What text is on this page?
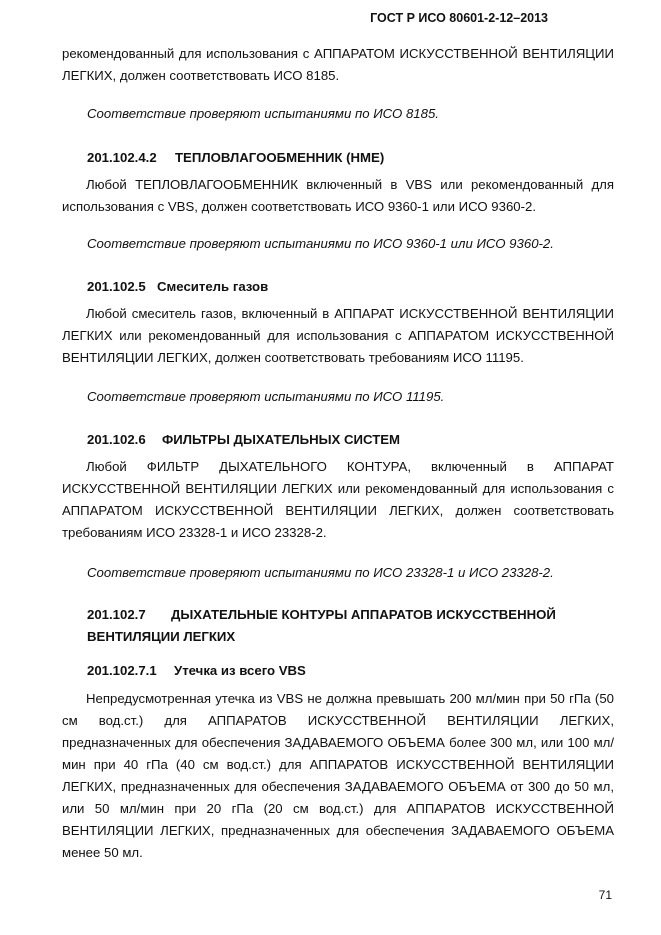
ГОСТ Р ИСО 80601-2-12–2013
рекомендованный для использования с АППАРАТОМ ИСКУССТВЕННОЙ ВЕНТИЛЯЦИИ ЛЕГКИХ, должен соответствовать ИСО 8185.
Соответствие проверяют испытаниями по ИСО 8185.
201.102.4.2 ТЕПЛОВЛАГООБМЕННИК (HME)
Любой ТЕПЛОВЛАГООБМЕННИК включенный в VBS или рекомендованный для использования с VBS, должен соответствовать ИСО 9360-1 или ИСО 9360-2.
Соответствие проверяют испытаниями по ИСО 9360-1 или ИСО 9360-2.
201.102.5 Смеситель газов
Любой смеситель газов, включенный в АППАРАТ ИСКУССТВЕННОЙ ВЕНТИЛЯЦИИ ЛЕГКИХ или рекомендованный для использования с АППАРАТОМ ИСКУССТВЕННОЙ ВЕНТИЛЯЦИИ ЛЕГКИХ, должен соответствовать требованиям ИСО 11195.
Соответствие проверяют испытаниями по ИСО 11195.
201.102.6 ФИЛЬТРЫ ДЫХАТЕЛЬНЫХ СИСТЕМ
Любой ФИЛЬТР ДЫХАТЕЛЬНОГО КОНТУРА, включенный в АППАРАТ ИСКУССТВЕННОЙ ВЕНТИЛЯЦИИ ЛЕГКИХ или рекомендованный для использования с АППАРАТОМ ИСКУССТВЕННОЙ ВЕНТИЛЯЦИИ ЛЕГКИХ, должен соответствовать требованиям ИСО 23328-1 и ИСО 23328-2.
Соответствие проверяют испытаниями по ИСО 23328-1 и ИСО 23328-2.
201.102.7 ДЫХАТЕЛЬНЫЕ КОНТУРЫ АППАРАТОВ ИСКУССТВЕННОЙ ВЕНТИЛЯЦИИ ЛЕГКИХ
201.102.7.1 Утечка из всего VBS
Непредусмотренная утечка из VBS не должна превышать 200 мл/мин при 50 гПа (50 см вод.ст.) для АППАРАТОВ ИСКУССТВЕННОЙ ВЕНТИЛЯЦИИ ЛЕГКИХ, предназначенных для обеспечения ЗАДАВАЕМОГО ОБЪЕМА более 300 мл, или 100 мл/мин при 40 гПа (40 см вод.ст.) для АППАРАТОВ ИСКУССТВЕННОЙ ВЕНТИЛЯЦИИ ЛЕГКИХ, предназначенных для обеспечения ЗАДАВАЕМОГО ОБЪЕМА от 300 до 50 мл, или 50 мл/мин при 20 гПа (20 см вод.ст.) для АППАРАТОВ ИСКУССТВЕННОЙ ВЕНТИЛЯЦИИ ЛЕГКИХ, предназначенных для обеспечения ЗАДАВАЕМОГО ОБЪЕМА менее 50 мл.
71
